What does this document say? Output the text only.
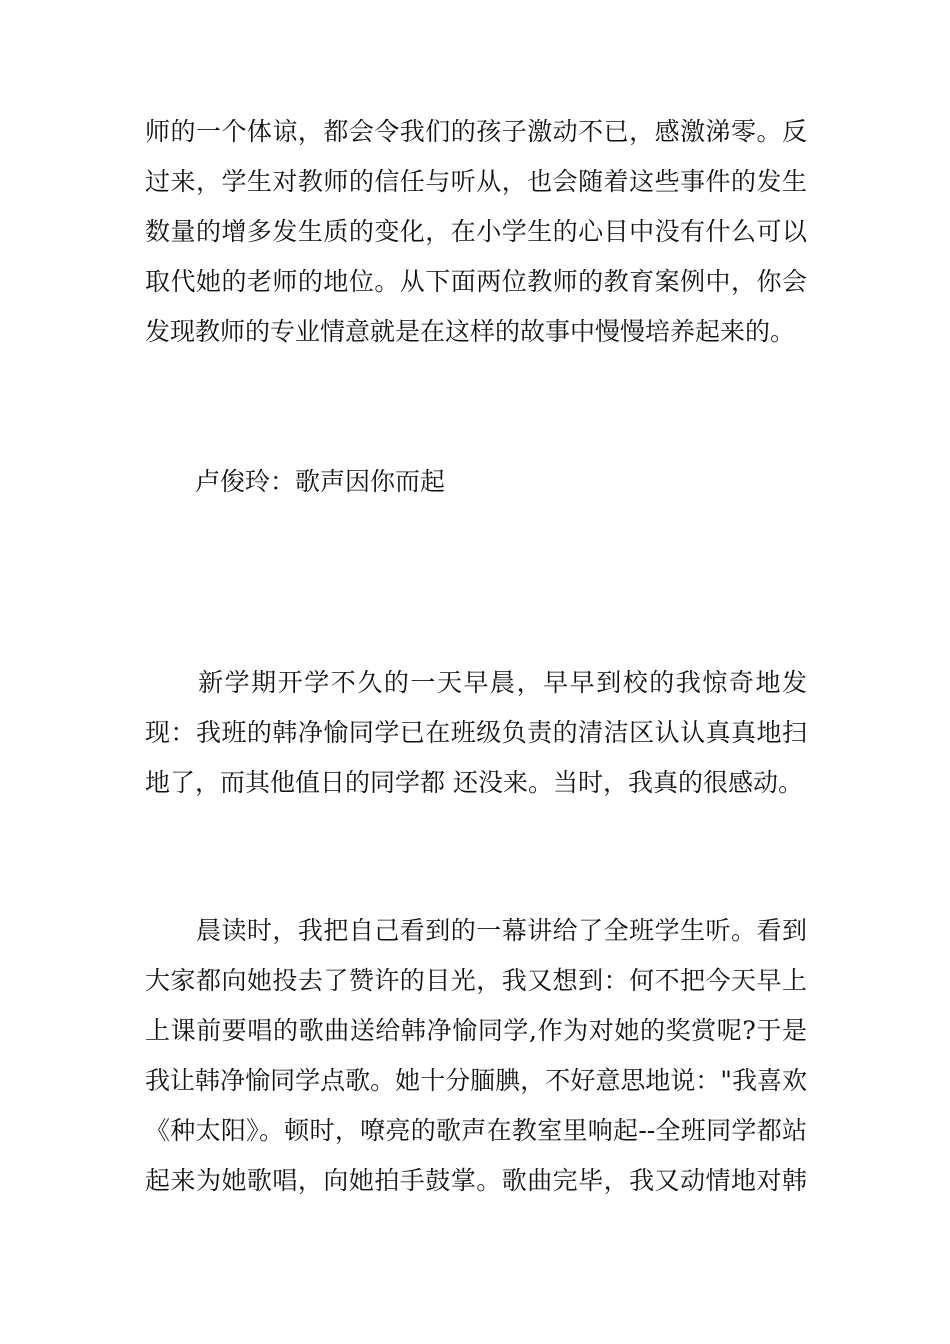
师的一个体谅，都会令我们的孩子激动不已，感激涕零。反
过来，学生对教师的信任与听从，也会随着这些事件的发生
数量的增多发生质的变化，在小学生的心目中没有什么可以
取代她的老师的地位。从下面两位教师的教育案例中，你会
发现教师的专业情意就是在这样的故事中慢慢培养起来的。
卢俊玲：歌声因你而起
　　新学期开学不久的一天早晨，早早到校的我惊奇地发
现：我班的韩净愉同学已在班级负责的清洁区认认真真地扫
地了，而其他值日的同学都 还没来。当时，我真的很感动。
　　晨读时，我把自己看到的一幕讲给了全班学生听。看到
大家都向她投去了赞许的目光，我又想到：何不把今天早上
上课前要唱的歌曲送给韩净愉同学,作为对她的奖赏呢?于是
我让韩净愉同学点歌。她十分腼腆，不好意思地说："我喜欢
《种太阳》。顿时，嘹亮的歌声在教室里响起--全班同学都站
起来为她歌唱，向她拍手鼓掌。歌曲完毕，我又动情地对韩
